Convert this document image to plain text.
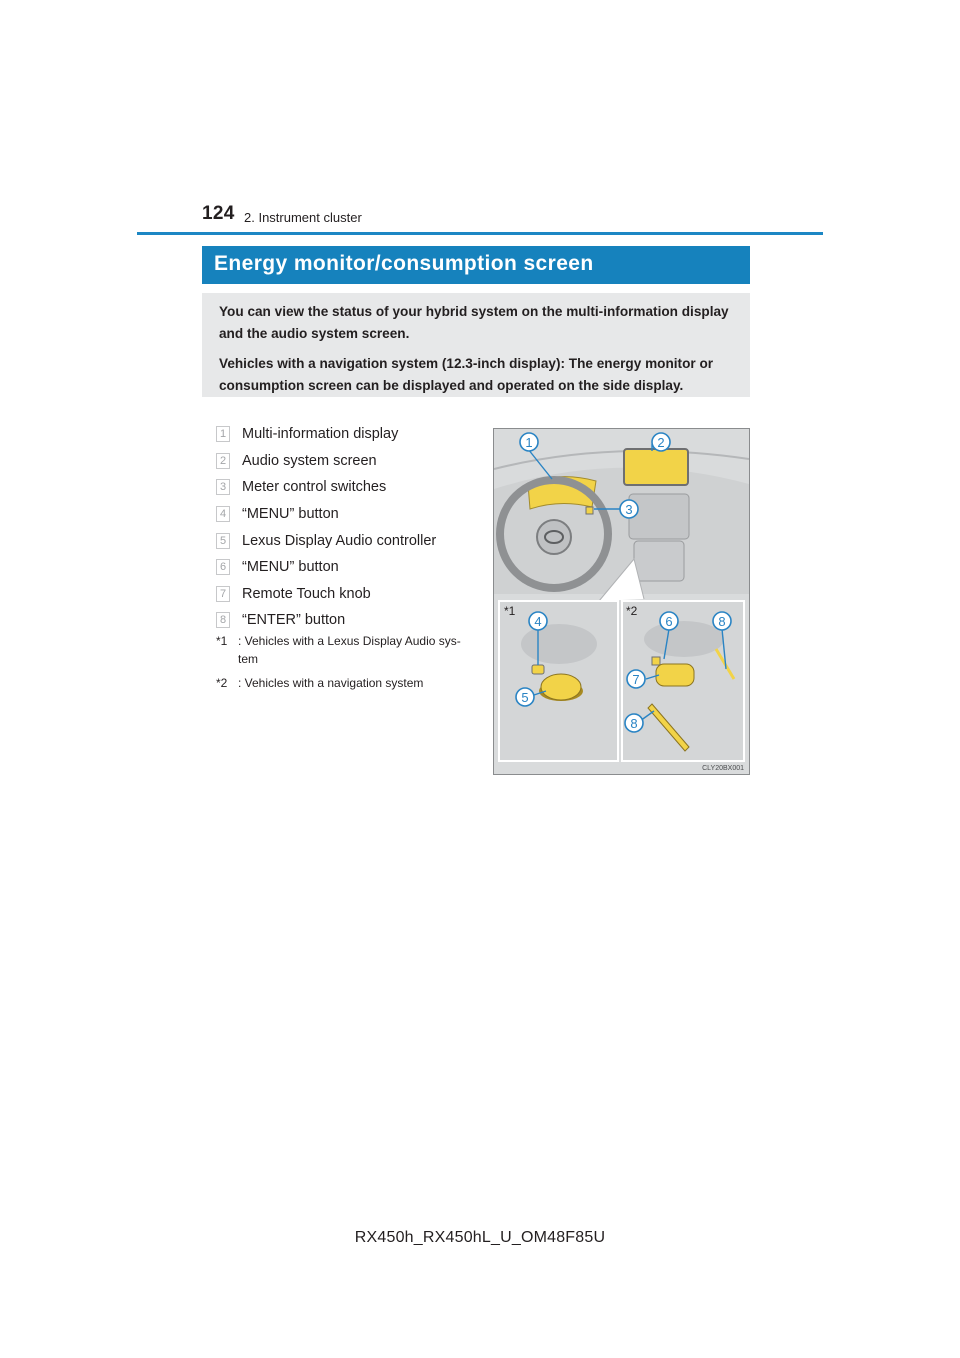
124 2. Instrument cluster
Energy monitor/consumption screen

You can view the status of your hybrid system on the multi-information display and the audio system screen.

Vehicles with a navigation system (12.3-inch display): The energy monitor or consumption screen can be displayed and operated on the side display.

1 Multi-information display
2 Audio system screen
3 Meter control switches
4 “MENU” button
5 Lexus Display Audio controller
6 “MENU” button
7 Remote Touch knob
8 “ENTER” button
*1 : Vehicles with a Lexus Display Audio sys-tem
*2 : Vehicles with a navigation system
1	2
3
4
5
6
7
8
8
*1	*2
CLY20BX001
RX450h_RX450hL_U_OM48F85U
